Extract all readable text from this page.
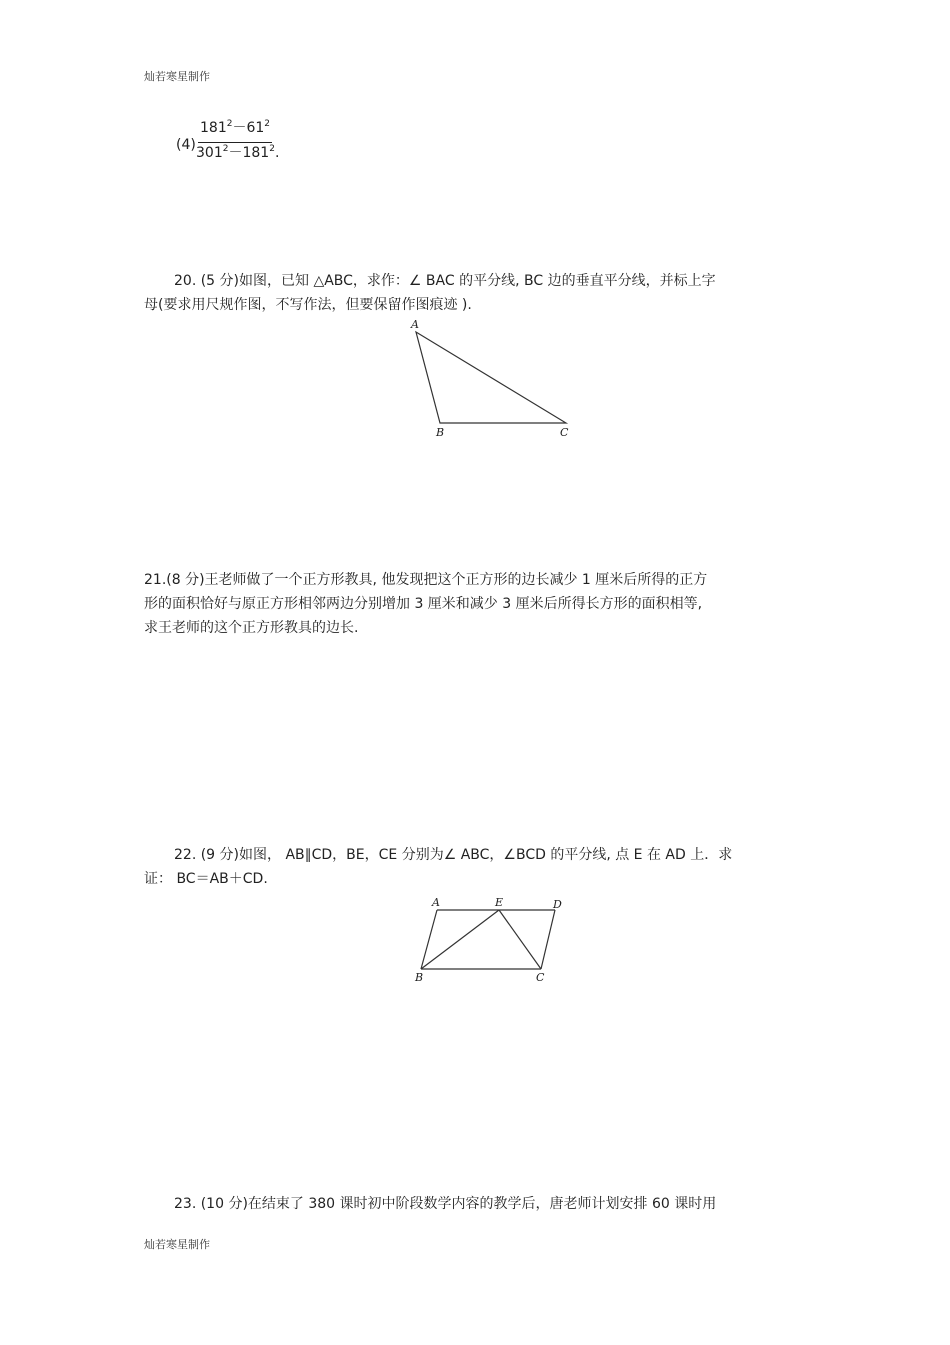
灿若寒星制作
(4)
$181^2-61^2$
$301^2-181^2$.
20. (5 分)如图，已知 △ABC，求作：∠ BAC 的平分线, BC 边的垂直平分线，并标上字
母(要求用尺规作图，不写作法，但要保留作图痕迹 ).
A
B	C
21.(8 分)王老师做了一个正方形教具, 他发现把这个正方形的边长减少 1 厘米后所得的正方
形的面积恰好与原正方形相邻两边分别增加 3 厘米和减少 3 厘米后所得长方形的面积相等,
求王老师的这个正方形教具的边长.
22. (9 分)如图， AB∥CD，BE，CE 分别为∠ ABC，∠BCD 的平分线, 点 E 在 AD 上．求
证： BC＝AB＋CD.
A	E	D
B	C
23. (10 分)在结束了 380 课时初中阶段数学内容的教学后，唐老师计划安排 60 课时用
灿若寒星制作
